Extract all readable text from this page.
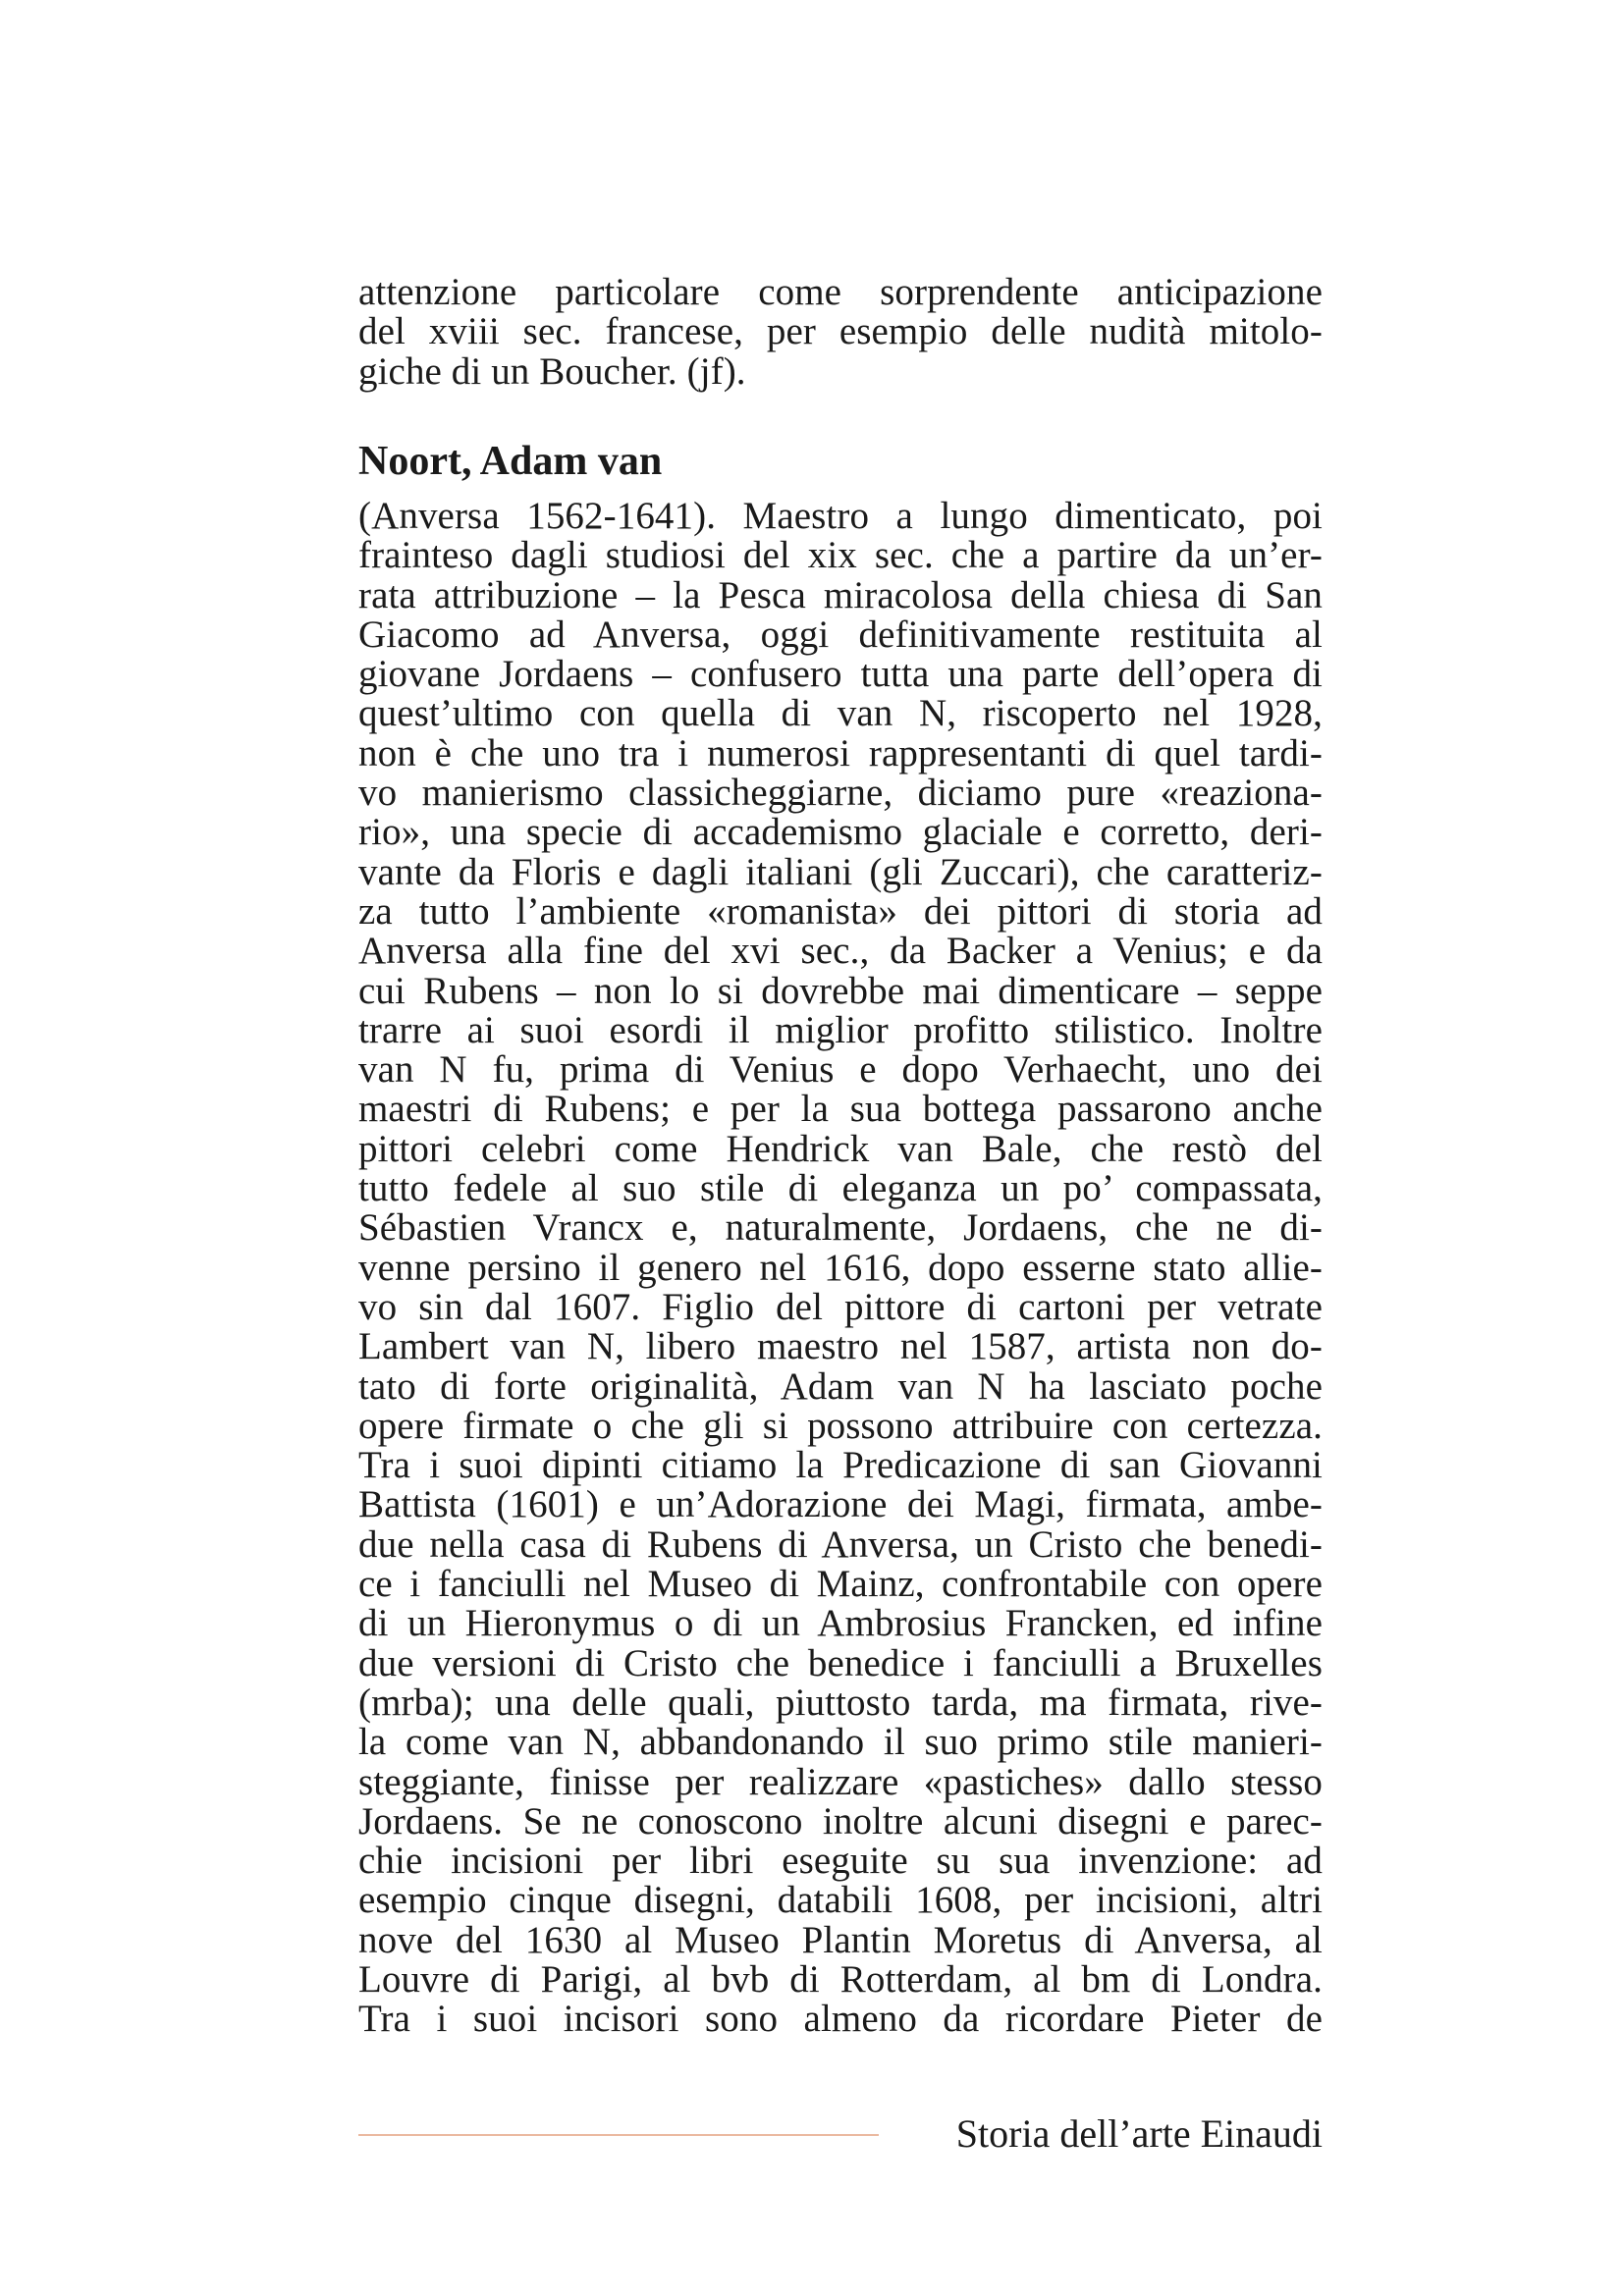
attenzione particolare come sorprendente anticipazione
del xviii sec. francese, per esempio delle nudità mitolo-
giche di un Boucher. (jf).

Noort, Adam van

(Anversa 1562-1641). Maestro a lungo dimenticato, poi
frainteso dagli studiosi del xix sec. che a partire da un’er-
rata attribuzione – la Pesca miracolosa della chiesa di San
Giacomo ad Anversa, oggi definitivamente restituita al
giovane Jordaens – confusero tutta una parte dell’opera di
quest’ultimo con quella di van N, riscoperto nel 1928,
non è che uno tra i numerosi rappresentanti di quel tardi-
vo manierismo classicheggiarne, diciamo pure «reaziona-
rio», una specie di accademismo glaciale e corretto, deri-
vante da Floris e dagli italiani (gli Zuccari), che caratteriz-
za tutto l’ambiente «romanista» dei pittori di storia ad
Anversa alla fine del xvi sec., da Backer a Venius; e da
cui Rubens – non lo si dovrebbe mai dimenticare – seppe
trarre ai suoi esordi il miglior profitto stilistico. Inoltre
van N fu, prima di Venius e dopo Verhaecht, uno dei
maestri di Rubens; e per la sua bottega passarono anche
pittori celebri come Hendrick van Bale, che restò del
tutto fedele al suo stile di eleganza un po’ compassata,
Sébastien Vrancx e, naturalmente, Jordaens, che ne di-
venne persino il genero nel 1616, dopo esserne stato allie-
vo sin dal 1607. Figlio del pittore di cartoni per vetrate
Lambert van N, libero maestro nel 1587, artista non do-
tato di forte originalità, Adam van N ha lasciato poche
opere firmate o che gli si possono attribuire con certezza.
Tra i suoi dipinti citiamo la Predicazione di san Giovanni
Battista (1601) e un’Adorazione dei Magi, firmata, ambe-
due nella casa di Rubens di Anversa, un Cristo che benedi-
ce i fanciulli nel Museo di Mainz, confrontabile con opere
di un Hieronymus o di un Ambrosius Francken, ed infine
due versioni di Cristo che benedice i fanciulli a Bruxelles
(mrba); una delle quali, piuttosto tarda, ma firmata, rive-
la come van N, abbandonando il suo primo stile manieri-
steggiante, finisse per realizzare «pastiches» dallo stesso
Jordaens. Se ne conoscono inoltre alcuni disegni e parec-
chie incisioni per libri eseguite su sua invenzione: ad
esempio cinque disegni, databili 1608, per incisioni, altri
nove del 1630 al Museo Plantin Moretus di Anversa, al
Louvre di Parigi, al bvb di Rotterdam, al bm di Londra.
Tra i suoi incisori sono almeno da ricordare Pieter de

Storia dell’arte Einaudi
